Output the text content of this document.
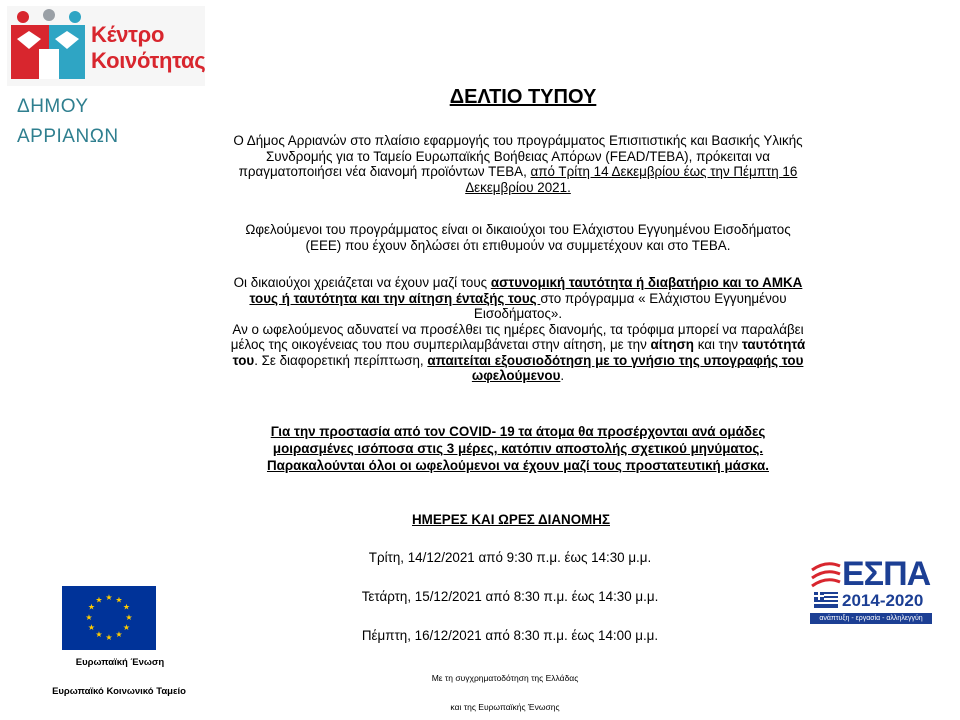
Κέντρο
Κοινότητας
ΔΗΜΟΥ
ΑΡΡΙΑΝΩΝ
ΔΕΛΤΙΟ ΤΥΠΟΥ
Ο Δήμος Αρριανών στο πλαίσιο εφαρμογής του προγράμματος Επισιτιστικής και Βασικής Υλικής
Συνδρομής για το Ταμείο Ευρωπαϊκής Βοήθειας Απόρων (FEAD/TEBA), πρόκειται να
πραγματοποιήσει νέα διανομή προϊόντων ΤΕΒΑ, από Τρίτη 14 Δεκεμβρίου έως την Πέμπτη 16
Δεκεμβρίου 2021.
Ωφελούμενοι του προγράμματος είναι οι δικαιούχοι του Ελάχιστου Εγγυημένου Εισοδήματος
(ΕΕΕ) που έχουν δηλώσει ότι επιθυμούν να συμμετέχουν και στο ΤΕΒΑ.
Οι δικαιούχοι χρειάζεται να έχουν μαζί τους αστυνομική ταυτότητα ή διαβατήριο και το ΑΜΚΑ
τους ή ταυτότητα και την αίτηση ένταξής τους στο πρόγραμμα « Ελάχιστου Εγγυημένου
Εισοδήματος».
Αν ο ωφελούμενος αδυνατεί να προσέλθει τις ημέρες διανομής, τα τρόφιμα μπορεί να παραλάβει
μέλος της οικογένειας του που συμπεριλαμβάνεται στην αίτηση, με την αίτηση και την ταυτότητά
του. Σε διαφορετική περίπτωση, απαιτείται εξουσιοδότηση με το γνήσιο της υπογραφής του
ωφελούμενου.
Για την προστασία από τον COVID- 19 τα άτομα θα προσέρχονται ανά ομάδες
μοιρασμένες ισόποσα στις 3 μέρες, κατόπιν αποστολής σχετικού μηνύματος.
Παρακαλούνται όλοι οι ωφελούμενοι να έχουν μαζί τους προστατευτική μάσκα.
ΗΜΕΡΕΣ ΚΑΙ ΩΡΕΣ ΔΙΑΝΟΜΗΣ
Τρίτη, 14/12/2021 από 9:30 π.μ. έως 14:30 μ.μ.
Τετάρτη, 15/12/2021 από 8:30 π.μ. έως 14:30 μ.μ.
Πέμπτη, 16/12/2021 από 8:30 π.μ. έως 14:00 μ.μ.
★ ★
★
★
★
★
★
★
★
★
★
★
Ευρωπαϊκή Ένωση
Ευρωπαϊκό Κοινωνικό Ταμείο
Με τη συγχρηματοδότηση της Ελλάδας
και της Ευρωπαϊκής Ένωσης
ΕΣΠΑ
2014-2020
ανάπτυξη - εργασία - αλληλεγγύη
